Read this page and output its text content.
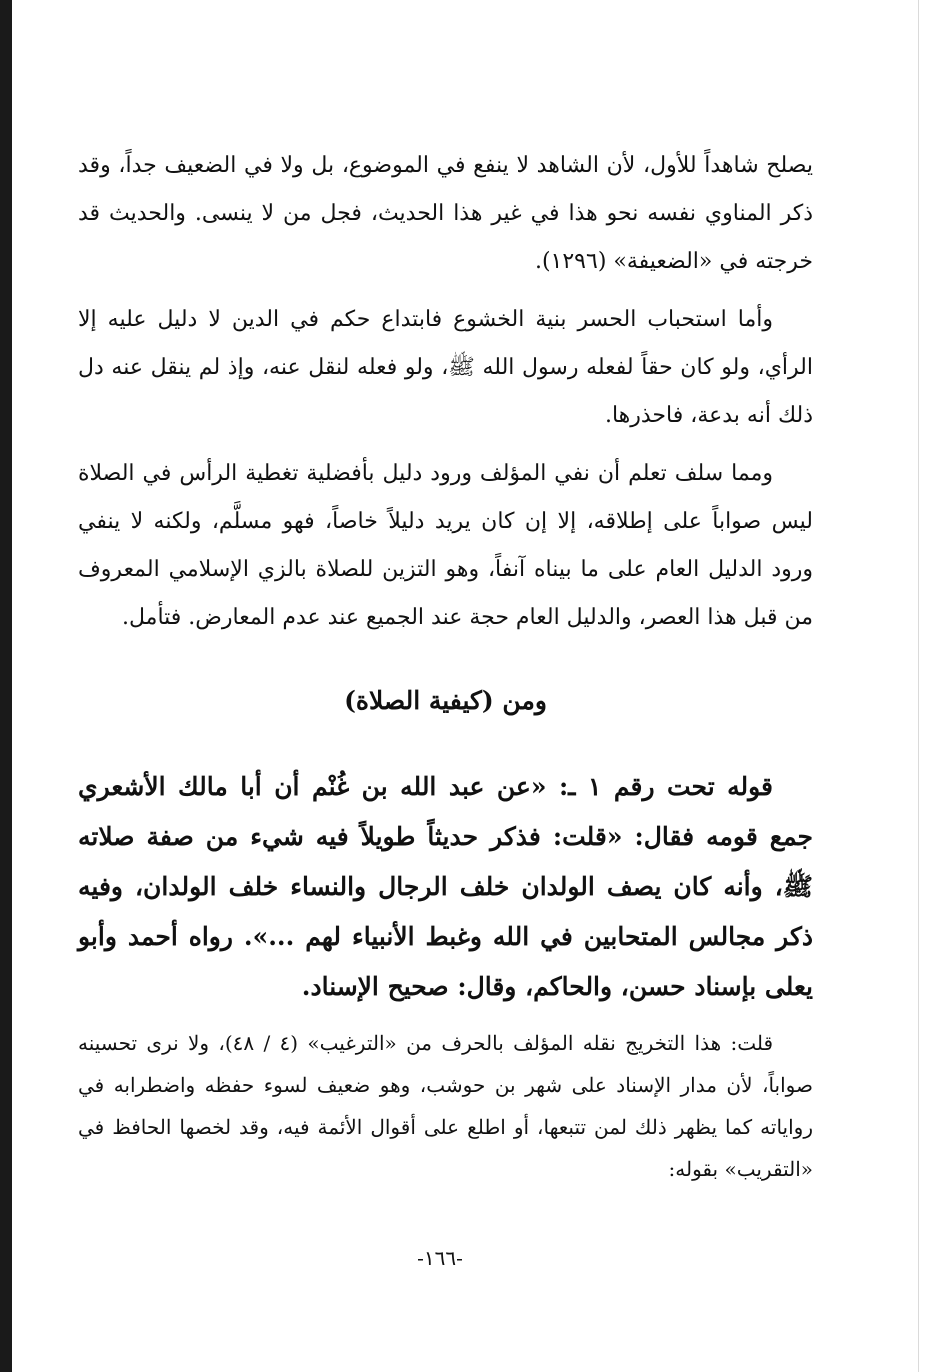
يصلح شاهداً للأول، لأن الشاهد لا ينفع في الموضوع، بل ولا في الضعيف جداً، وقد ذكر المناوي نفسه نحو هذا في غير هذا الحديث، فجل من لا ينسى. والحديث قد خرجته في «الضعيفة» (١٢٩٦).

وأما استحباب الحسر بنية الخشوع فابتداع حكم في الدين لا دليل عليه إلا الرأي، ولو كان حقاً لفعله رسول الله ﷺ، ولو فعله لنقل عنه، وإذ لم ينقل عنه دل ذلك أنه بدعة، فاحذرها.

ومما سلف تعلم أن نفي المؤلف ورود دليل بأفضلية تغطية الرأس في الصلاة ليس صواباً على إطلاقه، إلا إن كان يريد دليلاً خاصاً، فهو مسلَّم، ولكنه لا ينفي ورود الدليل العام على ما بيناه آنفاً، وهو التزين للصلاة بالزي الإسلامي المعروف من قبل هذا العصر، والدليل العام حجة عند الجميع عند عدم المعارض. فتأمل.

ومن (كيفية الصلاة)

قوله تحت رقم ١ ـ: «عن عبد الله بن غُنْم أن أبا مالك الأشعري جمع قومه فقال: «قلت: فذكر حديثاً طويلاً فيه شيء من صفة صلاته ﷺ، وأنه كان يصف الولدان خلف الرجال والنساء خلف الولدان، وفيه ذكر مجالس المتحابين في الله وغبط الأنبياء لهم ...». رواه أحمد وأبو يعلى بإسناد حسن، والحاكم، وقال: صحيح الإسناد.

قلت: هذا التخريج نقله المؤلف بالحرف من «الترغيب» (٤ / ٤٨)، ولا نرى تحسينه صواباً، لأن مدار الإسناد على شهر بن حوشب، وهو ضعيف لسوء حفظه واضطرابه في رواياته كما يظهر ذلك لمن تتبعها، أو اطلع على أقوال الأئمة فيه، وقد لخصها الحافظ في «التقريب» بقوله:

-١٦٦-
